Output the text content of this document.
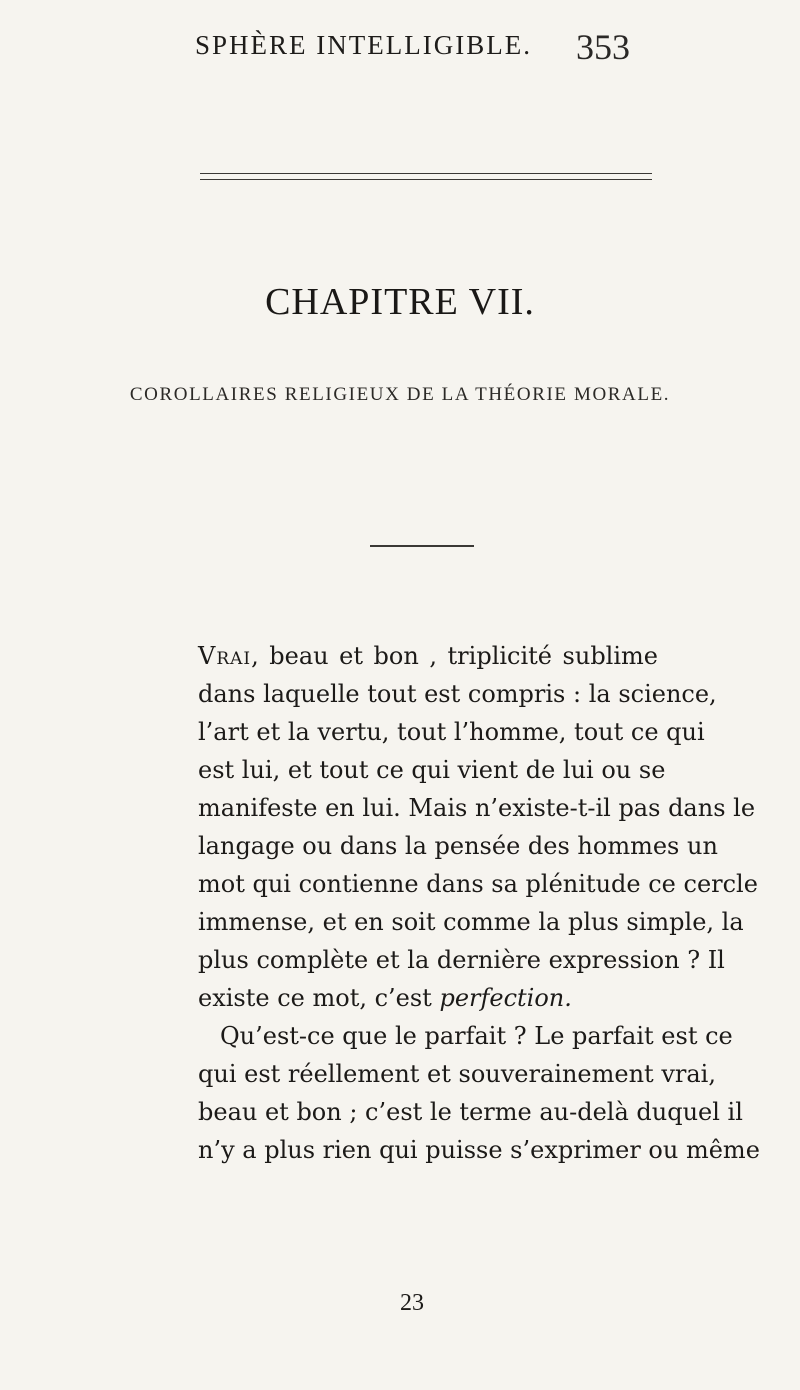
SPHÈRE INTELLIGIBLE. 353
CHAPITRE VII.
COROLLAIRES RELIGIEUX DE LA THÉORIE MORALE.
Vrai, beau et bon , triplicité sublime
dans laquelle tout est compris : la science,
l’art et la vertu, tout l’homme, tout ce qui
est lui, et tout ce qui vient de lui ou se
manifeste en lui. Mais n’existe-t-il pas dans le
langage ou dans la pensée des hommes un
mot qui contienne dans sa plénitude ce cercle
immense, et en soit comme la plus simple, la
plus complète et la dernière expression ? Il
existe ce mot, c’est perfection.
Qu’est-ce que le parfait ? Le parfait est ce
qui est réellement et souverainement vrai,
beau et bon ; c’est le terme au-delà duquel il
n’y a plus rien qui puisse s’exprimer ou même
23
